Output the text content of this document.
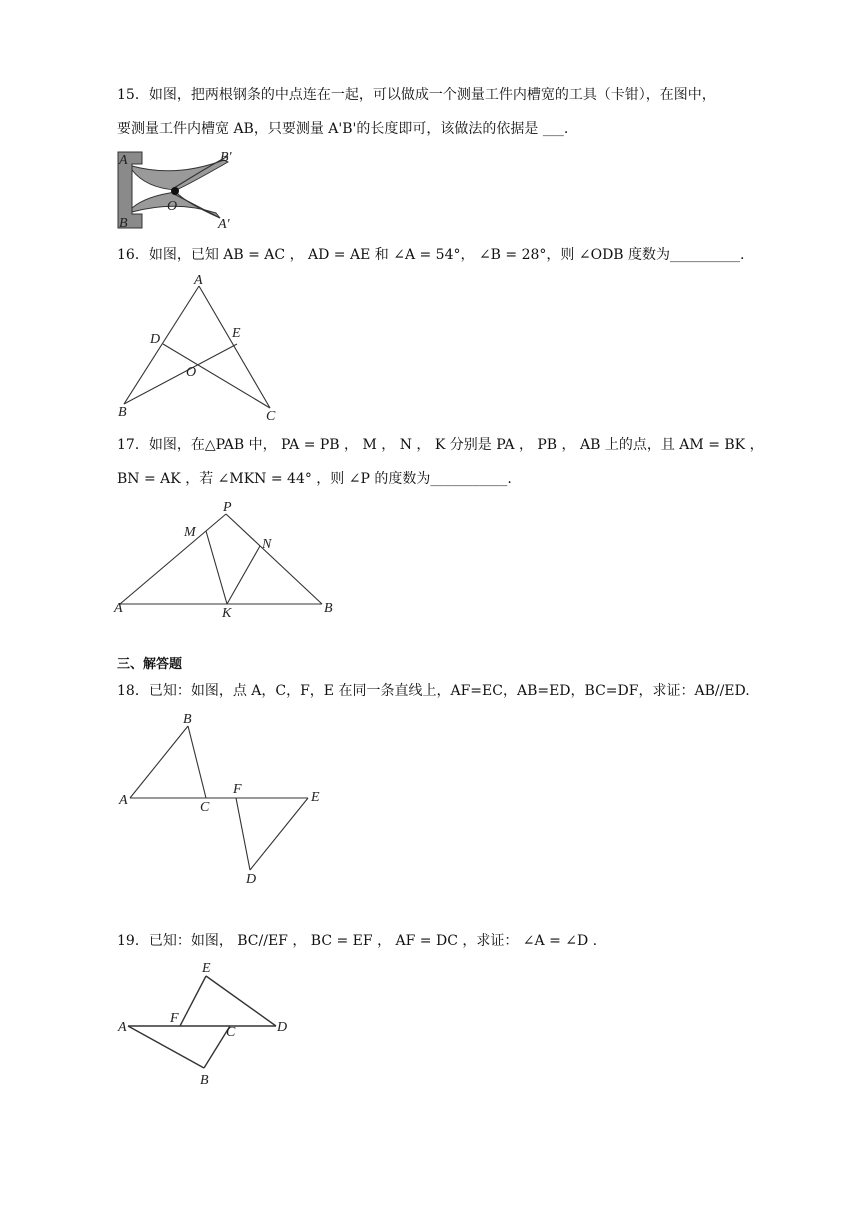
15．如图，把两根钢条的中点连在一起，可以做成一个测量工件内槽宽的工具（卡钳），在图中，
要测量工件内槽宽 AB，只要测量 A'B'的长度即可，该做法的依据是 ___.
A
B
O
B'
A'
16．如图，已知 AB = AC ， AD = AE 和 ∠A = 54°， ∠B = 28°，则 ∠ODB 度数为__________.
A
B	C
D	E
O
17．如图，在△PAB 中， PA = PB ， M ， N ， K 分别是 PA ， PB ， AB 上的点，且 AM = BK ，
BN = AK ，若 ∠MKN = 44° ，则 ∠P 的度数为___________.
P
M
N
A	K	B
三、解答题
18．已知：如图，点 A，C，F，E 在同一条直线上，AF=EC，AB=ED，BC=DF，求证：AB//ED.
A
B
C
F
E
D
19．已知：如图， BC//EF ， BC = EF ， AF = DC ，求证： ∠A = ∠D .
A
B
C	D
E
F
